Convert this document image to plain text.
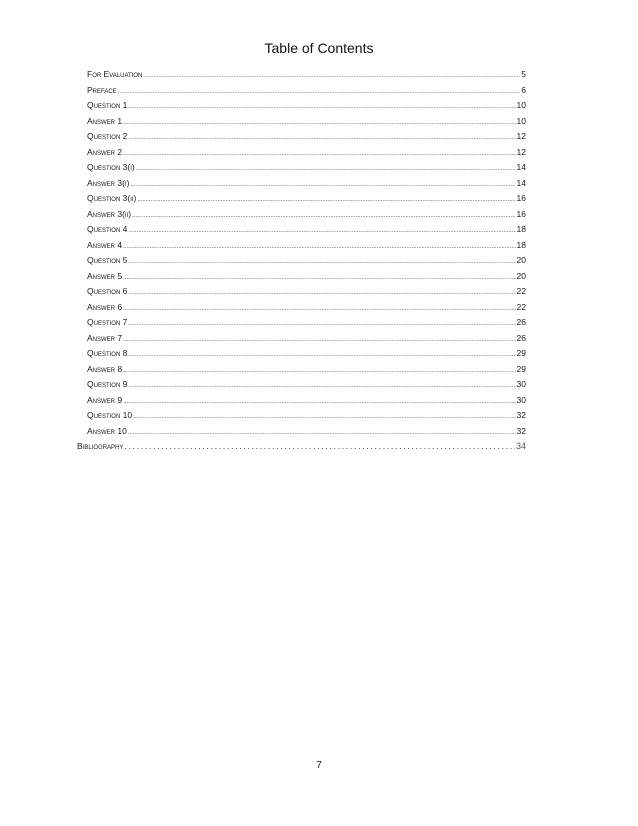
Table of Contents
For Evaluation .....	5
Preface .....	6
Question 1 .....	10
Answer 1 .....	10
Question 2 .....	12
Answer 2 .....	12
Question 3(i) .....	14
Answer 3(i) .....	14
Question 3(ii) .....	16
Answer 3(ii) .....	16
Question 4 .....	18
Answer 4 .....	18
Question 5 .....	20
Answer 5 .....	20
Question 6 .....	22
Answer 6 .....	22
Question 7 .....	26
Answer 7 .....	26
Question 8 .....	29
Answer 8 .....	29
Question 9 .....	30
Answer 9 .....	30
Question 10 .....	32
Answer 10 .....	32
Bibliography .....	34
7
